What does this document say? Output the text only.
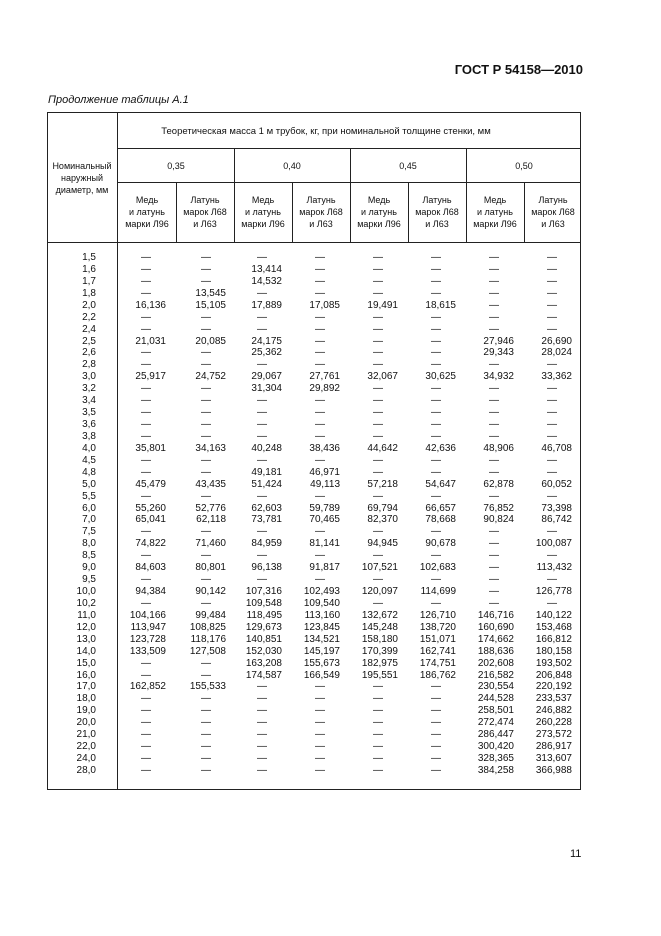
ГОСТ Р 54158—2010
Продолжение таблицы А.1
Теоретическая масса 1 м трубок, кг, при номинальной толщине стенки, мм
Номинальный
наружный
диаметр, мм
0,35	0,40	0,45	0,50
Медь
и латунь
марки Л96
Латунь
марок Л68
и Л63
Медь
и латунь
марки Л96
Латунь
марок Л68
и Л63
Медь
и латунь
марки Л96
Латунь
марок Л68
и Л63
Медь
и латунь
марки Л96
Латунь
марок Л68
и Л63
1,5	—	—	—	—	—	—	—	—
1,6	—	—	13,414	—	—	—	—	—
1,7	—	—	14,532	—	—	—	—	—
1,8	—	13,545	—	—	—	—	—	—
2,0	16,136	15,105	17,889	17,085	19,491	18,615	—	—
2,2	—	—	—	—	—	—	—	—
2,4	—	—	—	—	—	—	—	—
2,5	21,031	20,085	24,175	—	—	—	27,946	26,690
2,6	—	—	25,362	—	—	—	29,343	28,024
2,8	—	—	—	—	—	—	—	—
3,0	25,917	24,752	29,067	27,761	32,067	30,625	34,932	33,362
3,2	—	—	31,304	29,892	—	—	—	—
3,4	—	—	—	—	—	—	—	—
3,5	—	—	—	—	—	—	—	—
3,6	—	—	—	—	—	—	—	—
3,8	—	—	—	—	—	—	—	—
4,0	35,801	34,163	40,248	38,436	44,642	42,636	48,906	46,708
4,5	—	—	—	—	—	—	—	—
4,8	—	—	49,181	46,971	—	—	—	—
5,0	45,479	43,435	51,424	49,113	57,218	54,647	62,878	60,052
5,5	—	—	—	—	—	—	—	—
6,0	55,260	52,776	62,603	59,789	69,794	66,657	76,852	73,398
7,0	65,041	62,118	73,781	70,465	82,370	78,668	90,824	86,742
7,5	—	—	—	—	—	—	—	—
8,0	74,822	71,460	84,959	81,141	94,945	90,678	—	100,087
8,5	—	—	—	—	—	—	—	—
9,0	84,603	80,801	96,138	91,817 107,521 102,683	—	113,432
9,5	—	—	—	—	—	—	—	—
10,0	94,384	90,142 107,316 102,493 120,097 114,699	—	126,778
10,2	—	—	109,548 109,540	—	—	—	—
11,0	104,166	99,484 118,495 113,160 132,672 126,710 146,716 140,122
12,0	113,947 108,825 129,673 123,845 145,248 138,720 160,690 153,468
13,0	123,728 118,176 140,851 134,521 158,180 151,071 174,662 166,812
14,0	133,509 127,508 152,030 145,197 170,399 162,741 188,636 180,158
15,0	—	—	163,208 155,673 182,975 174,751 202,608 193,502
16,0	—	—	174,587 166,549 195,551 186,762 216,582 206,848
17,0	162,852 155,533	—	—	—	—	230,554 220,192
18,0	—	—	—	—	—	—	244,528 233,537
19,0	—	—	—	—	—	—	258,501 246,882
20,0	—	—	—	—	—	—	272,474 260,228
21,0	—	—	—	—	—	—	286,447 273,572
22,0	—	—	—	—	—	—	300,420 286,917
24,0	—	—	—	—	—	—	328,365 313,607
28,0	—	—	—	—	—	—	384,258 366,988
11
